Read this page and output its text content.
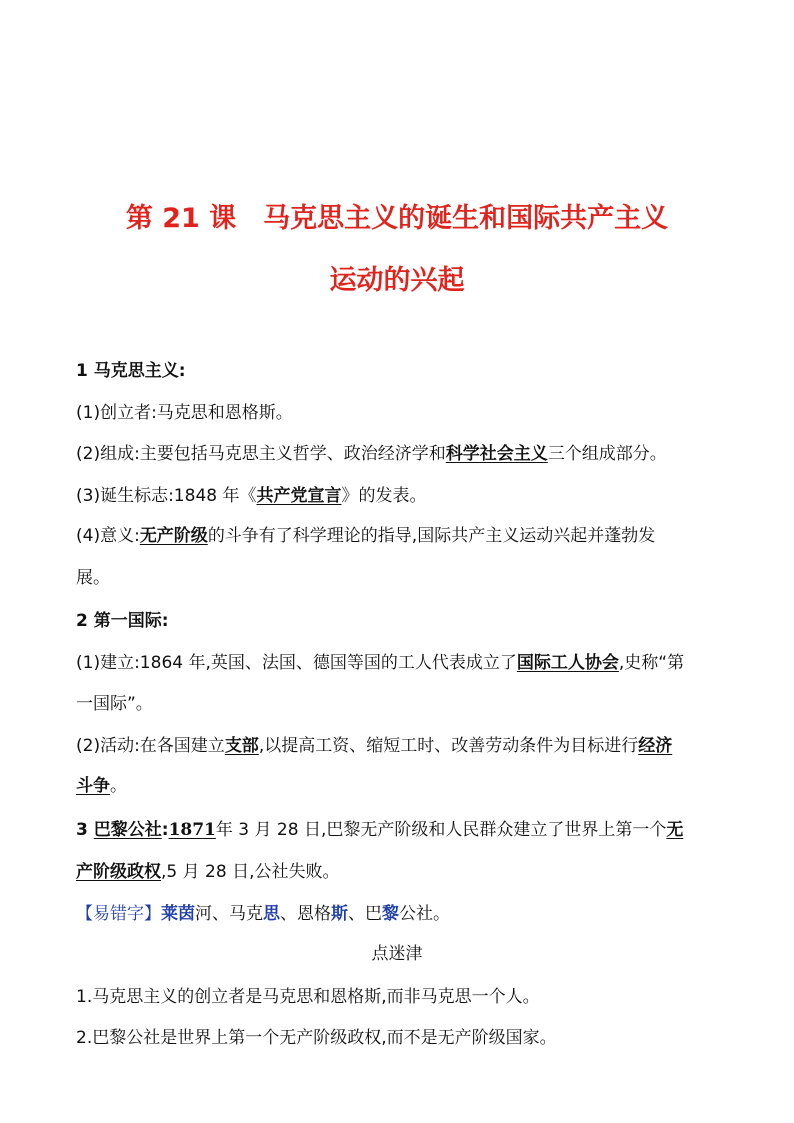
第 21 课　马克思主义的诞生和国际共产主义
运动的兴起
1 马克思主义:
(1)创立者:马克思和恩格斯。
(2)组成:主要包括马克思主义哲学、政治经济学和科学社会主义三个组成部分。
(3)诞生标志:1848 年《共产党宣言》的发表。
(4)意义:无产阶级的斗争有了科学理论的指导,国际共产主义运动兴起并蓬勃发
展。
2 第一国际:
(1)建立:1864 年,英国、法国、德国等国的工人代表成立了国际工人协会,史称“第
一国际”。
(2)活动:在各国建立支部,以提高工资、缩短工时、改善劳动条件为目标进行经济
斗争。
3 巴黎公社:1871年 3 月 28 日,巴黎无产阶级和人民群众建立了世界上第一个无
产阶级政权,5 月 28 日,公社失败。
【易错字】莱茵河、马克思、恩格斯、巴黎公社。
点迷津
1.马克思主义的创立者是马克思和恩格斯,而非马克思一个人。
2.巴黎公社是世界上第一个无产阶级政权,而不是无产阶级国家。
